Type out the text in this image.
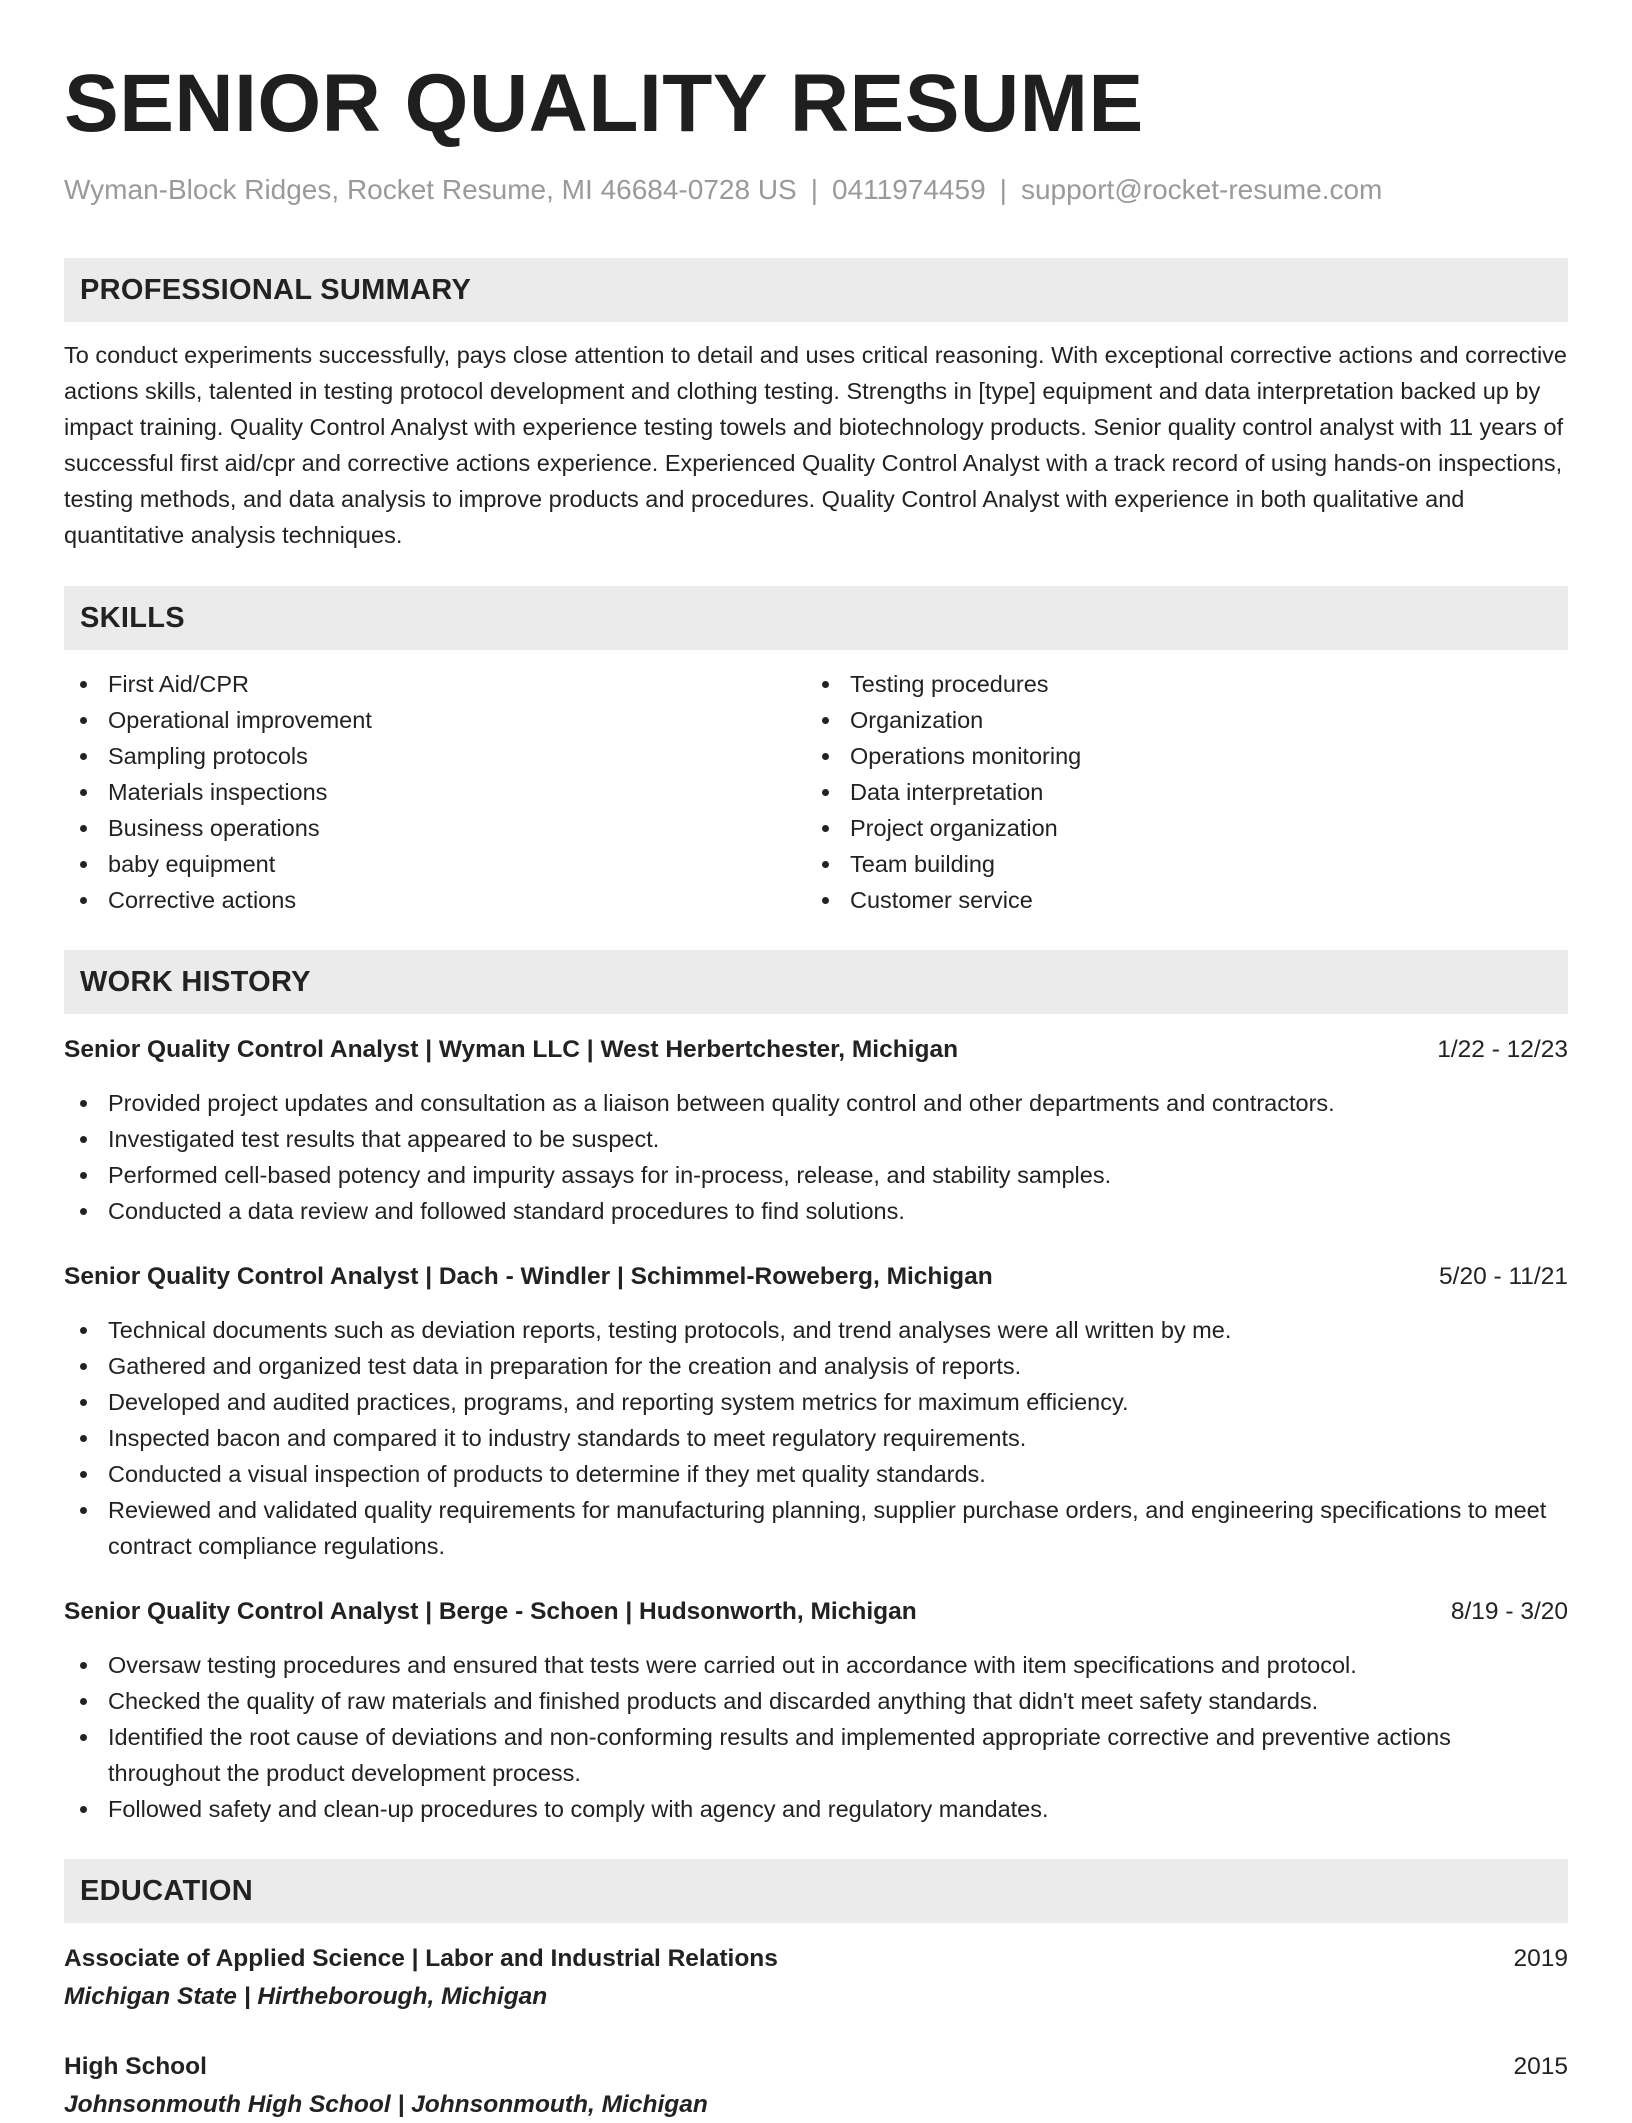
SENIOR QUALITY RESUME
Wyman-Block Ridges, Rocket Resume, MI 46684-0728 US | 0411974459 | support@rocket-resume.com
PROFESSIONAL SUMMARY
To conduct experiments successfully, pays close attention to detail and uses critical reasoning. With exceptional corrective actions and corrective actions skills, talented in testing protocol development and clothing testing. Strengths in [type] equipment and data interpretation backed up by impact training. Quality Control Analyst with experience testing towels and biotechnology products. Senior quality control analyst with 11 years of successful first aid/cpr and corrective actions experience. Experienced Quality Control Analyst with a track record of using hands-on inspections, testing methods, and data analysis to improve products and procedures. Quality Control Analyst with experience in both qualitative and quantitative analysis techniques.
SKILLS
First Aid/CPR
Operational improvement
Sampling protocols
Materials inspections
Business operations
baby equipment
Corrective actions
Testing procedures
Organization
Operations monitoring
Data interpretation
Project organization
Team building
Customer service
WORK HISTORY
Senior Quality Control Analyst | Wyman LLC | West Herbertchester, Michigan	1/22 - 12/23
Provided project updates and consultation as a liaison between quality control and other departments and contractors.
Investigated test results that appeared to be suspect.
Performed cell-based potency and impurity assays for in-process, release, and stability samples.
Conducted a data review and followed standard procedures to find solutions.
Senior Quality Control Analyst | Dach - Windler | Schimmel-Roweberg, Michigan	5/20 - 11/21
Technical documents such as deviation reports, testing protocols, and trend analyses were all written by me.
Gathered and organized test data in preparation for the creation and analysis of reports.
Developed and audited practices, programs, and reporting system metrics for maximum efficiency.
Inspected bacon and compared it to industry standards to meet regulatory requirements.
Conducted a visual inspection of products to determine if they met quality standards.
Reviewed and validated quality requirements for manufacturing planning, supplier purchase orders, and engineering specifications to meet contract compliance regulations.
Senior Quality Control Analyst | Berge - Schoen | Hudsonworth, Michigan	8/19 - 3/20
Oversaw testing procedures and ensured that tests were carried out in accordance with item specifications and protocol.
Checked the quality of raw materials and finished products and discarded anything that didn't meet safety standards.
Identified the root cause of deviations and non-conforming results and implemented appropriate corrective and preventive actions throughout the product development process.
Followed safety and clean-up procedures to comply with agency and regulatory mandates.
EDUCATION
Associate of Applied Science | Labor and Industrial Relations	2019
Michigan State | Hirtheborough, Michigan
High School	2015
Johnsonmouth High School | Johnsonmouth, Michigan
